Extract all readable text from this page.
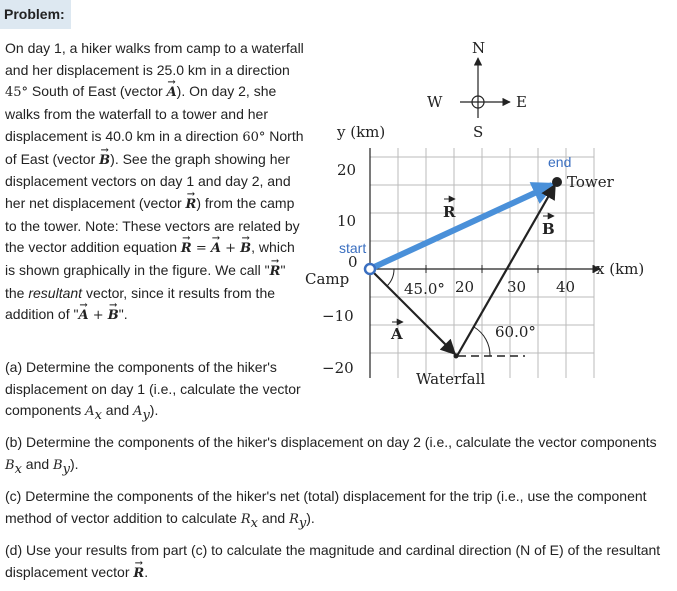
Problem:

On day 1, a hiker walks from camp to a waterfall and her displacement is 25.0 km in a direction 45° South of East (vector → A). On day 2, she walks from the waterfall to a tower and her displacement is 40.0 km in a direction 60° North of East (vector → B). See the graph showing her displacement vectors on day 1 and day 2, and her net displacement (vector → R) from the camp to the tower. Note: These vectors are related by the vector addition equation → R = → A + → B, which is shown graphically in the figure. We call "→ R" the resultant vector, since it results from the addition of "→ A + → B".

(a) Determine the components of the hiker's displacement on day 1 (i.e., calculate the vector components $A_x$ and $A_y$).

(b) Determine the components of the hiker's displacement on day 2 (i.e., calculate the vector components $B_x$ and $B_y$).

(c) Determine the components of the hiker's net (total) displacement for the trip (i.e., use the component method of vector addition to calculate $R_x$ and $R_y$).

(d) Use your results from part (c) to calculate the magnitude and cardinal direction (N of E) of the resultant displacement vector → R.

y (km)
x (km)
20
10
0
−10
−20
20 30 40
N
S
E
W
start
end
Camp
Tower
Waterfall
45.0°
60.0°
A
B
R
